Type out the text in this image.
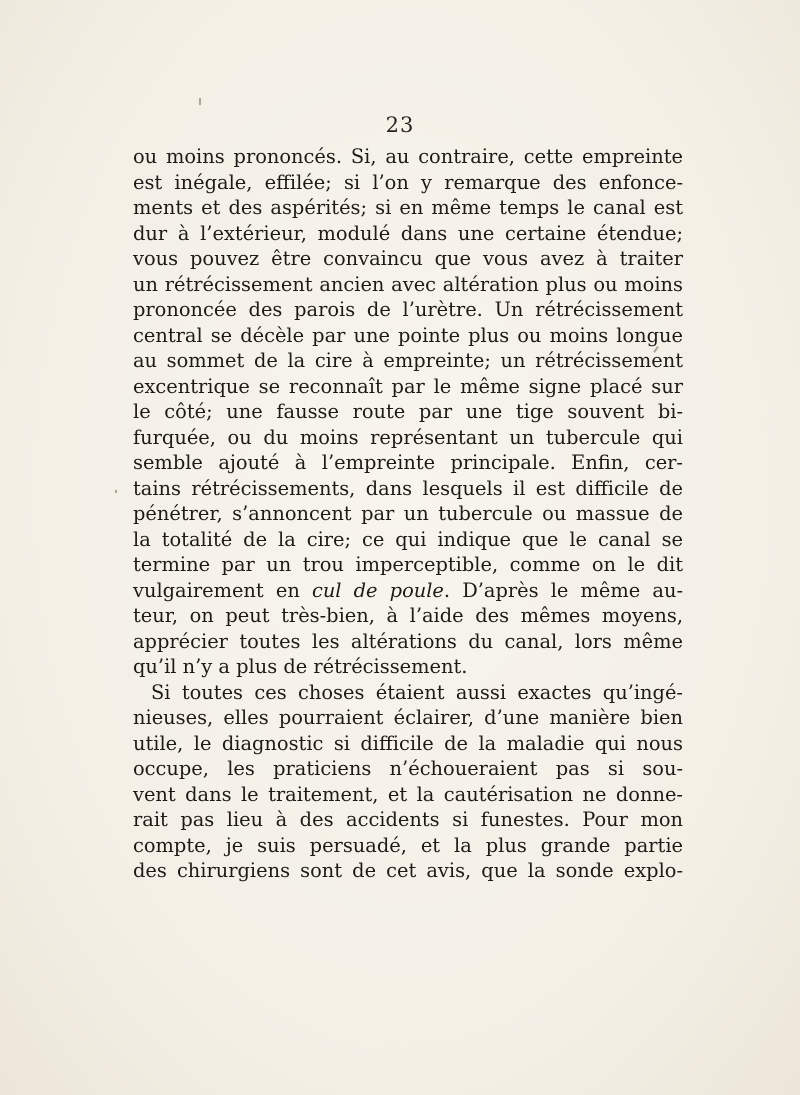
23
ou moins prononcés. Si, au contraire, cette empreinte
est inégale, effilée; si l’on y remarque des enfonce-
ments et des aspérités; si en même temps le canal est
dur à l’extérieur, modulé dans une certaine étendue;
vous pouvez être convaincu que vous avez à traiter
un rétrécissement ancien avec altération plus ou moins
prononcée des parois de l’urètre. Un rétrécissement
central se décèle par une pointe plus ou moins longue
au sommet de la cire à empreinte; un rétrécissement
excentrique se reconnaît par le même signe placé sur
le côté; une fausse route par une tige souvent bi-
furquée, ou du moins représentant un tubercule qui
semble ajouté à l’empreinte principale. Enfin, cer-
tains rétrécissements, dans lesquels il est difficile de
pénétrer, s’annoncent par un tubercule ou massue de
la totalité de la cire; ce qui indique que le canal se
termine par un trou imperceptible, comme on le dit
vulgairement en cul de poule. D’après le même au-
teur, on peut très-bien, à l’aide des mêmes moyens,
apprécier toutes les altérations du canal, lors même
qu’il n’y a plus de rétrécissement.
Si toutes ces choses étaient aussi exactes qu’ingé-
nieuses, elles pourraient éclairer, d’une manière bien
utile, le diagnostic si difficile de la maladie qui nous
occupe, les praticiens n’échoueraient pas si sou-
vent dans le traitement, et la cautérisation ne donne-
rait pas lieu à des accidents si funestes. Pour mon
compte, je suis persuadé, et la plus grande partie
des chirurgiens sont de cet avis, que la sonde explo-
